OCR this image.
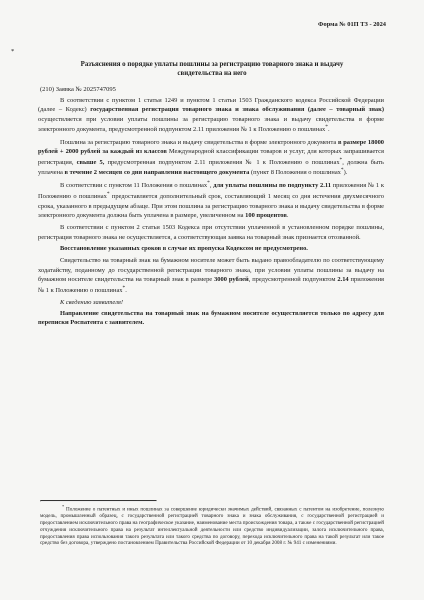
Форма № 01П ТЗ - 2024

*

Разъяснения о порядке уплаты пошлины за регистрацию товарного знака и выдачу свидетельства на него

(210) Заявка № 2025747095

В соответствии с пунктом 1 статьи 1249 и пунктом 1 статьи 1503 Гражданского кодекса Российской Федерации (далее – Кодекс) государственная регистрация товарного знака и знака обслуживания (далее – товарный знак) осуществляется при условии уплаты пошлины за регистрацию товарного знака и выдачу свидетельства в форме электронного документа, предусмотренной подпунктом 2.11 приложения № 1 к Положению о пошлинах*.

Пошлина за регистрацию товарного знака и выдачу свидетельства в форме электронного документа в размере 18000 рублей + 2000 рублей за каждый из классов Международной классификации товаров и услуг, для которых запрашивается регистрация, свыше 5, предусмотренная подпунктом 2.11 приложения № 1 к Положению о пошлинах*, должна быть уплачена в течение 2 месяцев со дня направления настоящего документа (пункт 8 Положения о пошлинах*).

В соответствии с пунктом 11 Положения о пошлинах*, для уплаты пошлины по подпункту 2.11 приложения № 1 к Положению о пошлинах* предоставляется дополнительный срок, составляющий 1 месяц со дня истечения двухмесячного срока, указанного в предыдущем абзаце. При этом пошлина за регистрацию товарного знака и выдачу свидетельства в форме электронного документа должна быть уплачена в размере, увеличенном на 100 процентов.

В соответствии с пунктом 2 статьи 1503 Кодекса при отсутствии уплаченной в установленном порядке пошлины, регистрация товарного знака не осуществляется, а соответствующая заявка на товарный знак признается отозванной.

Восстановление указанных сроков в случае их пропуска Кодексом не предусмотрено.

Свидетельство на товарный знак на бумажном носителе может быть выдано правообладателю по соответствующему ходатайству, поданному до государственной регистрации товарного знака, при условии уплаты пошлины за выдачу на бумажном носителе свидетельства на товарный знак в размере 3000 рублей, предусмотренной подпунктом 2.14 приложения № 1 к Положению о пошлинах*.

К сведению заявителя!

Направление свидетельства на товарный знак на бумажном носителе осуществляется только по адресу для переписки Роспатента с заявителем.

* Положение о патентных и иных пошлинах за совершение юридически значимых действий, связанных с патентом на изобретение, полезную модель, промышленный образец, с государственной регистрацией товарного знака и знака обслуживания, с государственной регистрацией и предоставлением исключительного права на географическое указание, наименование места происхождения товара, а также с государственной регистрацией отчуждения исключительного права на результат интеллектуальной деятельности или средство индивидуализации, залога исключительного права, предоставления права использования такого результата или такого средства по договору, перехода исключительного права на такой результат или такое средство без договора, утверждено постановлением Правительства Российской Федерации от 10 декабря 2008 г. № 941 с изменениями.
